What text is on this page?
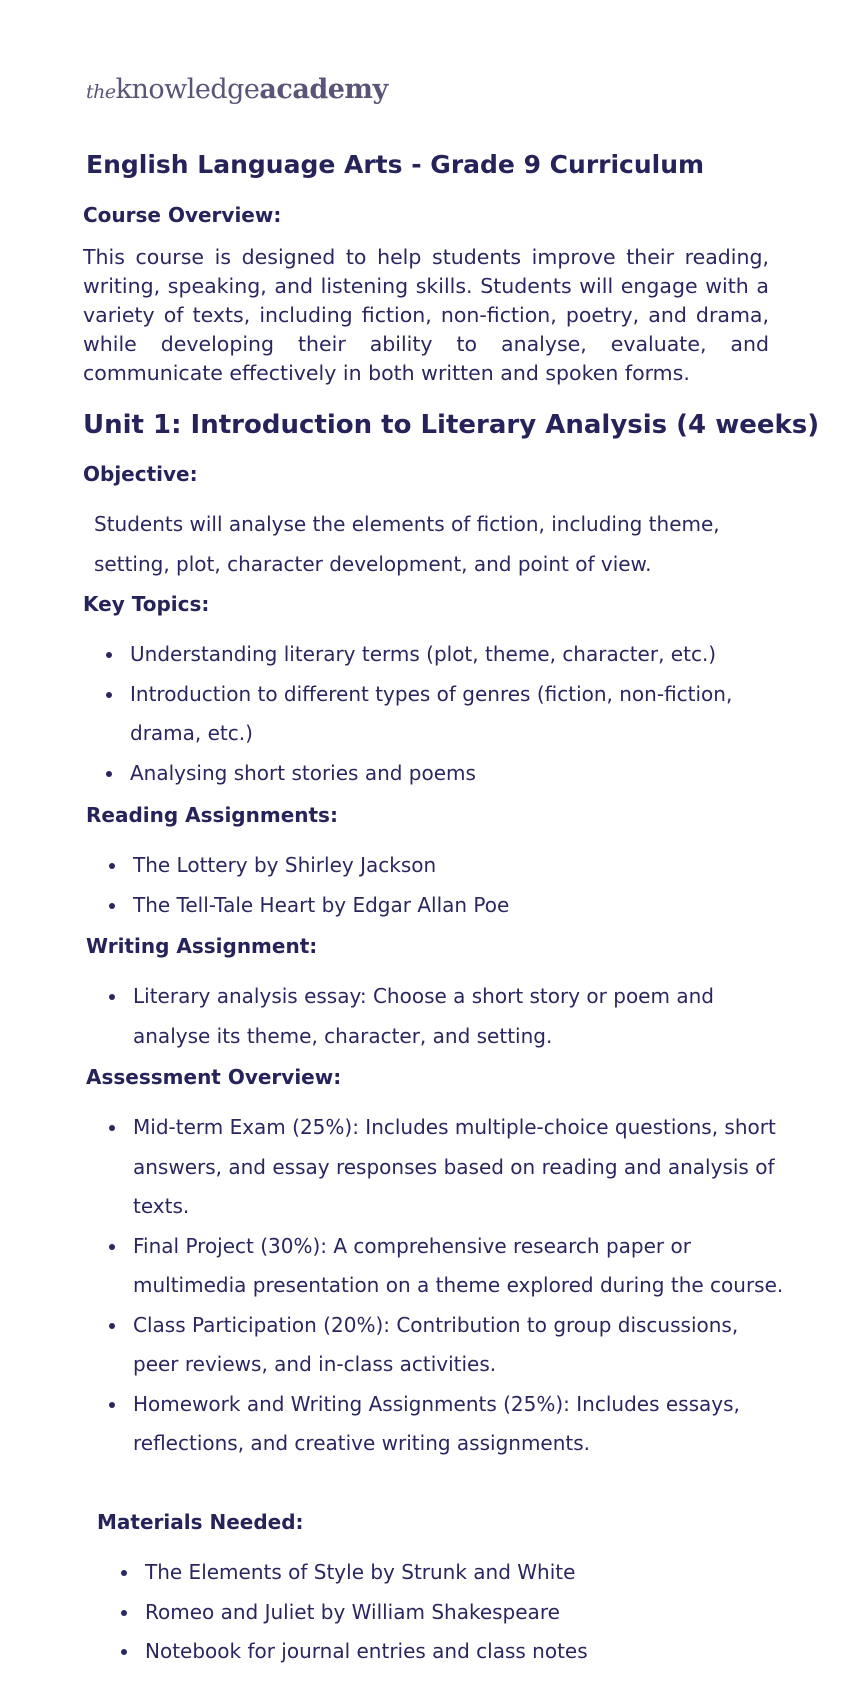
theknowledgeacademy
English Language Arts - Grade 9 Curriculum
Course Overview:

This course is designed to help students improve their reading, writing, speaking, and listening skills. Students will engage with a variety of texts, including fiction, non-fiction, poetry, and drama, while developing their ability to analyse, evaluate, and communicate effectively in both written and spoken forms.

Unit 1: Introduction to Literary Analysis (4 weeks)
Objective:

Students will analyse the elements of fiction, including theme, setting, plot, character development, and point of view.

Key Topics:
Understanding literary terms (plot, theme, character, etc.)
Introduction to different types of genres (fiction, non-fiction, drama, etc.)
Analysing short stories and poems
Reading Assignments:
The Lottery by Shirley Jackson
The Tell-Tale Heart by Edgar Allan Poe
Writing Assignment:
Literary analysis essay: Choose a short story or poem and analyse its theme, character, and setting.
Assessment Overview:
Mid-term Exam (25%): Includes multiple-choice questions, short answers, and essay responses based on reading and analysis of texts.
Final Project (30%): A comprehensive research paper or multimedia presentation on a theme explored during the course.
Class Participation (20%): Contribution to group discussions, peer reviews, and in-class activities.
Homework and Writing Assignments (25%): Includes essays, reflections, and creative writing assignments.
Materials Needed:
The Elements of Style by Strunk and White
Romeo and Juliet by William Shakespeare
Notebook for journal entries and class notes
